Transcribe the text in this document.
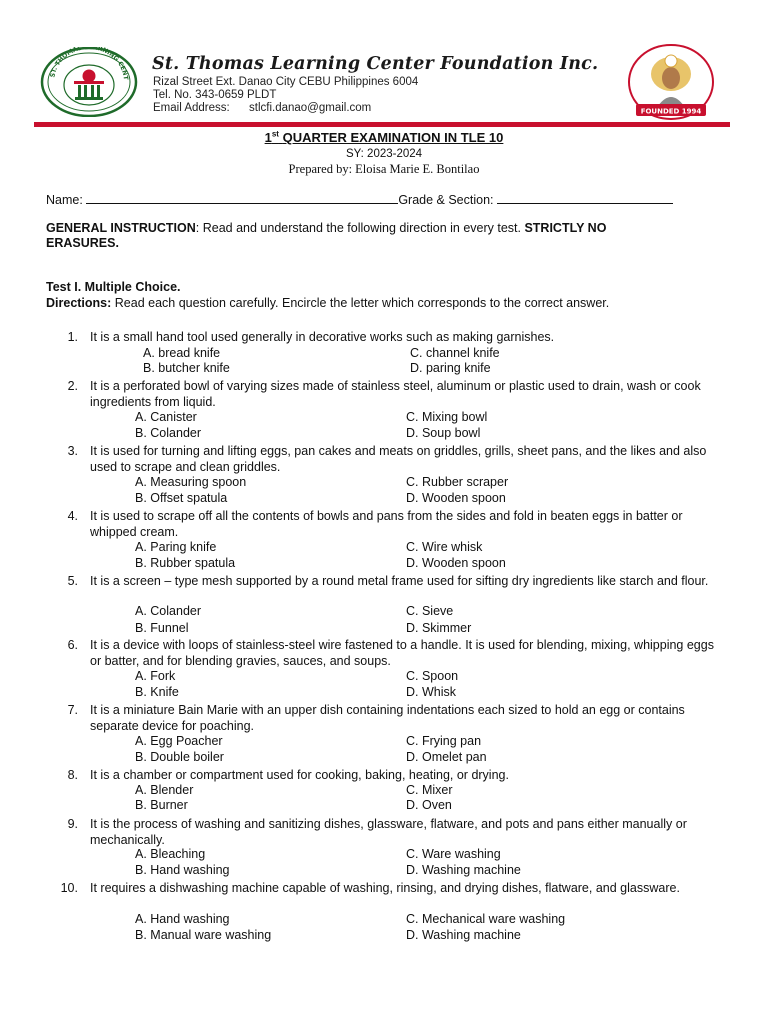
ST. THOMAS LEARNING CENT
St. Thomas Learning Center Foundation Inc.
Rizal Street Ext. Danao City CEBU Philippines 6004
Tel. No. 343-0659 PLDT
Email Address: stlcfi.danao@gmail.com	FOUNDED 1994
1st QUARTER EXAMINATION IN TLE 10
SY: 2023-2024
Prepared by: Eloisa Marie E. Bontilao
Name:	Grade & Section:
GENERAL INSTRUCTION: Read and understand the following direction in every test. STRICTLY NO
ERASURES.
Test I. Multiple Choice.
Directions: Read each question carefully. Encircle the letter which corresponds to the correct answer.
1. It is a small hand tool used generally in decorative works such as making garnishes.
A. bread knife	C. channel knife
B. butcher knife	D. paring knife
2. It is a perforated bowl of varying sizes made of stainless steel, aluminum or plastic used to drain, wash or cook ingredients from liquid.
A. Canister	C. Mixing bowl
B. Colander	D. Soup bowl
3. It is used for turning and lifting eggs, pan cakes and meats on griddles, grills, sheet pans, and the likes and also used to scrape and clean griddles.
A. Measuring spoon	C. Rubber scraper
B. Offset spatula	D. Wooden spoon
4. It is used to scrape off all the contents of bowls and pans from the sides and fold in beaten eggs in batter or whipped cream.
A. Paring knife	C. Wire whisk
B. Rubber spatula	D. Wooden spoon
5. It is a screen – type mesh supported by a round metal frame used for sifting dry ingredients like starch and flour.
A. Colander	C. Sieve
B. Funnel	D. Skimmer
6. It is a device with loops of stainless-steel wire fastened to a handle. It is used for blending, mixing, whipping eggs or batter, and for blending gravies, sauces, and soups.
A. Fork	C. Spoon
B. Knife	D. Whisk
7. It is a miniature Bain Marie with an upper dish containing indentations each sized to hold an egg or contains separate device for poaching.
A. Egg Poacher	C. Frying pan
B. Double boiler	D. Omelet pan
8. It is a chamber or compartment used for cooking, baking, heating, or drying.
A. Blender	C. Mixer
B. Burner	D. Oven
9. It is the process of washing and sanitizing dishes, glassware, flatware, and pots and pans either manually or mechanically.
A. Bleaching	C. Ware washing
B. Hand washing	D. Washing machine
10. It requires a dishwashing machine capable of washing, rinsing, and drying dishes, flatware, and glassware.
A. Hand washing	C. Mechanical ware washing
B. Manual ware washing	D. Washing machine
